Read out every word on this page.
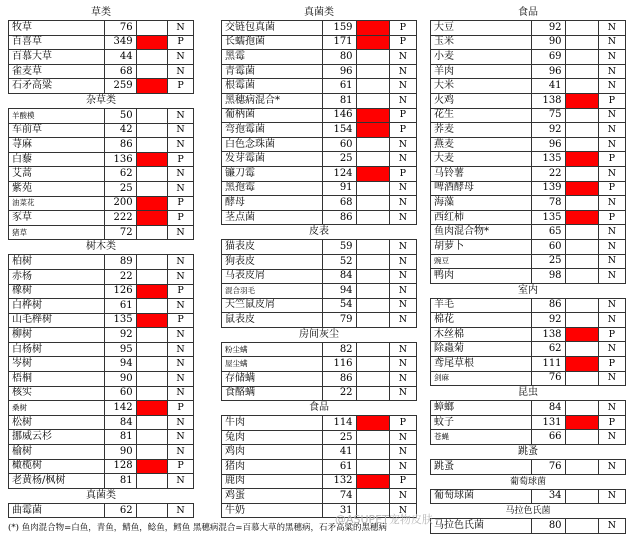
草类			
牧草	76		N
百喜草	349		P
百慕大草	44		N
雀麦草	68		N
石矛高粱	259		P
杂草类			
羊酸模	50		N
车前草	42		N
荨麻	86		N
白藜	136		P
艾蒿	62		N
紫苑	25		N
油菜花	200		P
豕草	222		P
猪草	72		N
树木类			
柏树	89		N
赤杨	22		N
橡树	126		P
白桦树	61		N
山毛榉树	135		P
柳树	92		N
白杨树	95		N
岑树	94		N
梧桐	90		N
核实	60		N
桑树	142		P
松树	84		N
挪威云杉	81		N
榆树	90		N
橄榄树	128		P
老黄杨/枫树	81		N
真菌类			
曲霉菌	62		N
真菌类			
交链包真菌	159		P
长蠕孢菌	171		P
黑霉	80		N
青霉菌	96		N
根霉菌	61		N
黑穗病混合*	81		N
葡柄菌	146		P
弯孢霉菌	154		P
白色念珠菌	60		N
发芽霉菌	25		N
镰刀霉	124		P
黑孢霉	91		N
酵母	68		N
茎点菌	86		N
皮表			
猫表皮	59		N
狗表皮	52		N
马表皮屑	84		N
混合羽毛	94		N
天竺鼠皮屑	54		N
鼠表皮	79		N
房间灰尘			
粉尘螨	82		N
屋尘螨	116		N
存储螨	86		N
食酪螨	22		N
食品			
牛肉	114		P
兔肉	25		N
鸡肉	41		N
猪肉	61		N
鹿肉	132		P
鸡蛋	74		N
牛奶	31		N
食品			
大豆	92		N
玉米	90		N
小麦	69		N
羊肉	96		N
大米	41		N
火鸡	138		P
花生	75		N
荞麦	92		N
燕麦	96		N
大麦	135		P
马铃薯	22		N
啤酒酵母	139		P
海藻	78		N
西红柿	135		P
鱼肉混合物*	65		N
胡萝卜	60		N
豌豆	25		N
鸭肉	98		N
室内			
羊毛	86		N
棉花	92		N
木丝棉	138		P
除蟲菊	62		N
鸢尾草根	111		P
剑麻	76		N
昆虫			
蟑螂	84		N
蚊子	131		P
苍蝇	66		N
跳蚤			
跳蚤	76		N
葡萄球菌			
葡萄球菌	34		N
马拉色氏菌			
马拉色氏菌	80		N
(*) 鱼肉混合物=白鱼，青鱼，鲭鱼，鲶鱼，鳕鱼 黑穗病混合=百慕大草的黑穗病，石矛高粱的黑穗病
@ASUPET宠物皮肤
